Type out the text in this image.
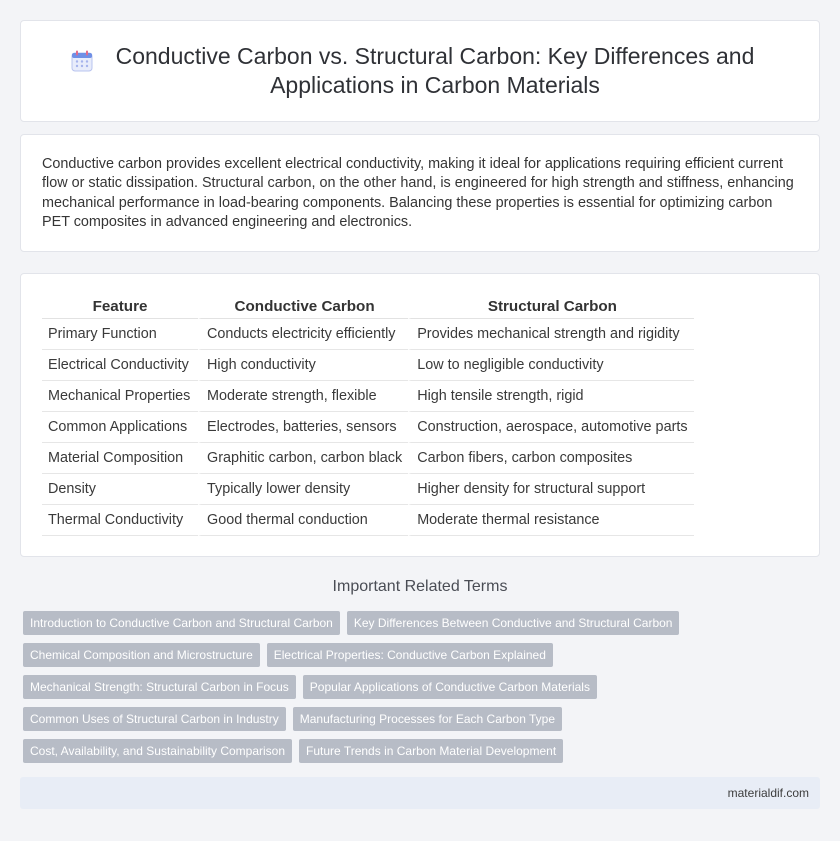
Conductive Carbon vs. Structural Carbon: Key Differences and Applications in Carbon Materials

Conductive carbon provides excellent electrical conductivity, making it ideal for applications requiring efficient current flow or static dissipation. Structural carbon, on the other hand, is engineered for high strength and stiffness, enhancing mechanical performance in load-bearing components. Balancing these properties is essential for optimizing carbon PET composites in advanced engineering and electronics.

Feature	Conductive Carbon	Structural Carbon
Primary Function	Conducts electricity efficiently	Provides mechanical strength and rigidity
Electrical Conductivity	High conductivity	Low to negligible conductivity
Mechanical Properties	Moderate strength, flexible	High tensile strength, rigid
Common Applications	Electrodes, batteries, sensors	Construction, aerospace, automotive parts
Material Composition	Graphitic carbon, carbon black	Carbon fibers, carbon composites
Density	Typically lower density	Higher density for structural support
Thermal Conductivity	Good thermal conduction	Moderate thermal resistance
Important Related Terms
Introduction to Conductive Carbon and Structural Carbon	Key Differences Between Conductive and Structural Carbon
Chemical Composition and Microstructure	Electrical Properties: Conductive Carbon Explained
Mechanical Strength: Structural Carbon in Focus	Popular Applications of Conductive Carbon Materials
Common Uses of Structural Carbon in Industry	Manufacturing Processes for Each Carbon Type
Cost, Availability, and Sustainability Comparison	Future Trends in Carbon Material Development
materialdif.com
